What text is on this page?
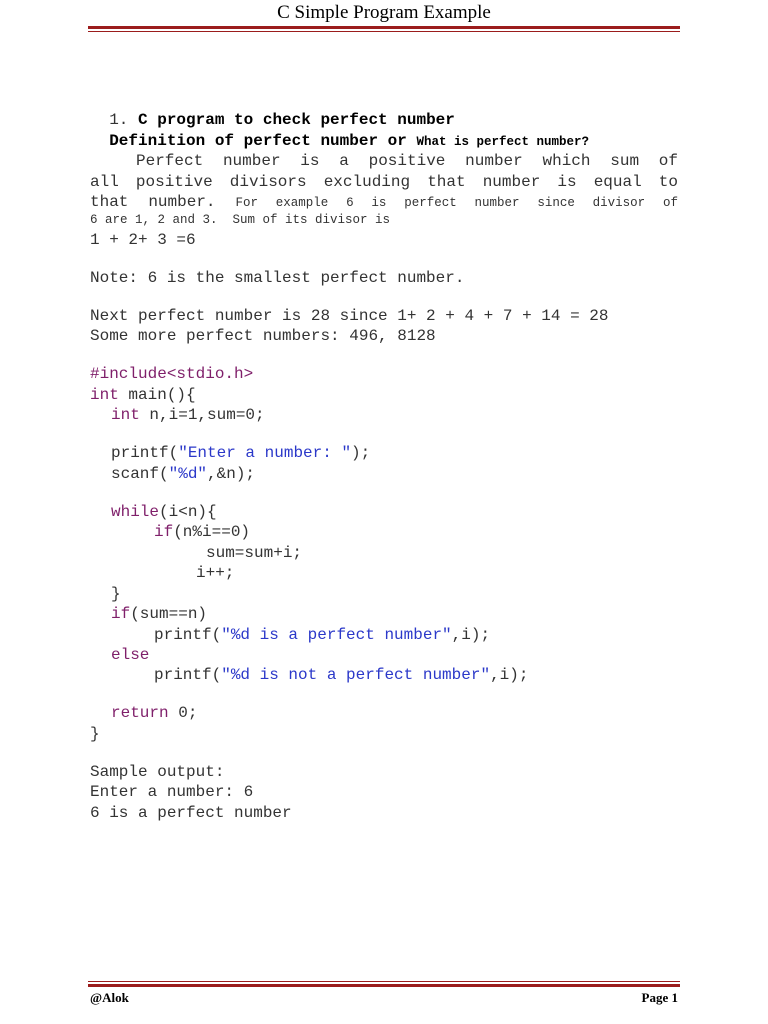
C Simple Program Example

1. C program to check perfect number

Definition of perfect number or What is perfect number?

Perfect number is a positive number which sum of
all positive divisors excluding that number is equal to
that number. For example 6 is perfect number since divisor of
6 are 1, 2 and 3.  Sum of its divisor is
1 + 2+ 3 =6
Note: 6 is the smallest perfect number.
Next perfect number is 28 since 1+ 2 + 4 + 7 + 14 = 28
Some more perfect numbers: 496, 8128
#include<stdio.h>
int main(){
int n,i=1,sum=0;
printf("Enter a number: ");
scanf("%d",&n);
while(i<n){
if(n%i==0)
sum=sum+i;
i++;
}
if(sum==n)
printf("%d is a perfect number",i);
else
printf("%d is not a perfect number",i);
return 0;
}
Sample output:
Enter a number: 6
6 is a perfect number
@Alok	Page 1
